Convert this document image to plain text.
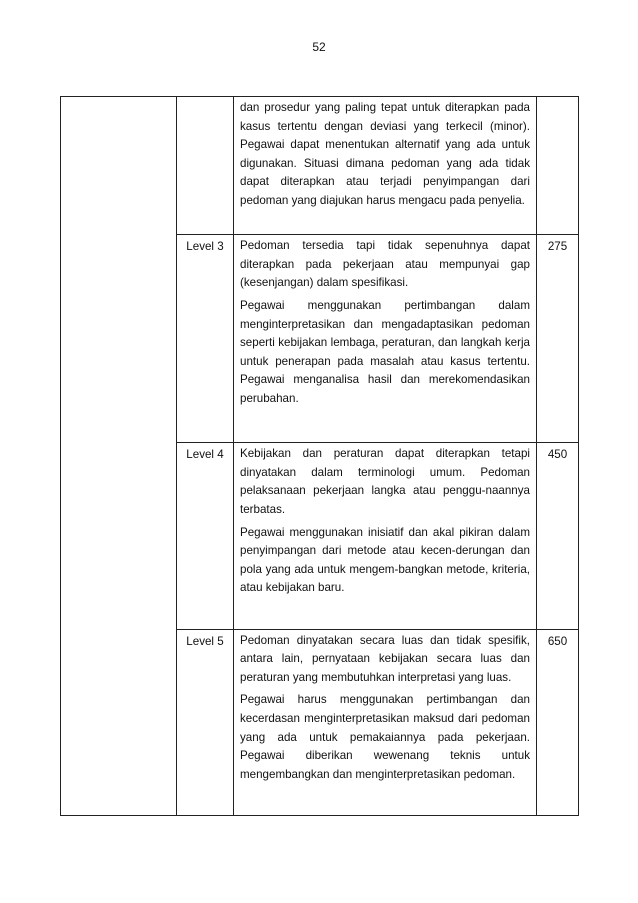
52

		dan prosedur yang paling tepat untuk diterapkan pada kasus tertentu dengan deviasi yang terkecil (minor). Pegawai dapat menentukan alternatif yang ada untuk digunakan. Situasi dimana pedoman yang ada tidak dapat diterapkan atau terjadi penyimpangan dari pedoman yang diajukan harus mengacu pada penyelia.	

	Level 3	Pedoman tersedia tapi tidak sepenuhnya dapat diterapkan pada pekerjaan atau mempunyai gap (kesenjangan) dalam spesifikasi.

Pegawai menggunakan pertimbangan dalam menginterpretasikan dan mengadaptasikan pedoman seperti kebijakan lembaga, peraturan, dan langkah kerja untuk penerapan pada masalah atau kasus tertentu. Pegawai menganalisa hasil dan merekomendasikan perubahan.	275
	Level 4	Kebijakan dan peraturan dapat diterapkan tetapi dinyatakan dalam terminologi umum. Pedoman pelaksanaan pekerjaan langka atau penggu-naannya terbatas.

Pegawai menggunakan inisiatif dan akal pikiran dalam penyimpangan dari metode atau kecen-derungan dan pola yang ada untuk mengem-bangkan metode, kriteria, atau kebijakan baru.	450
	Level 5	Pedoman dinyatakan secara luas dan tidak spesifik, antara lain, pernyataan kebijakan secara luas dan peraturan yang membutuhkan interpretasi yang luas.

Pegawai harus menggunakan pertimbangan dan kecerdasan menginterpretasikan maksud dari pedoman yang ada untuk pemakaiannya pada pekerjaan. Pegawai diberikan wewenang teknis untuk mengembangkan dan menginterpretasikan pedoman.	650
